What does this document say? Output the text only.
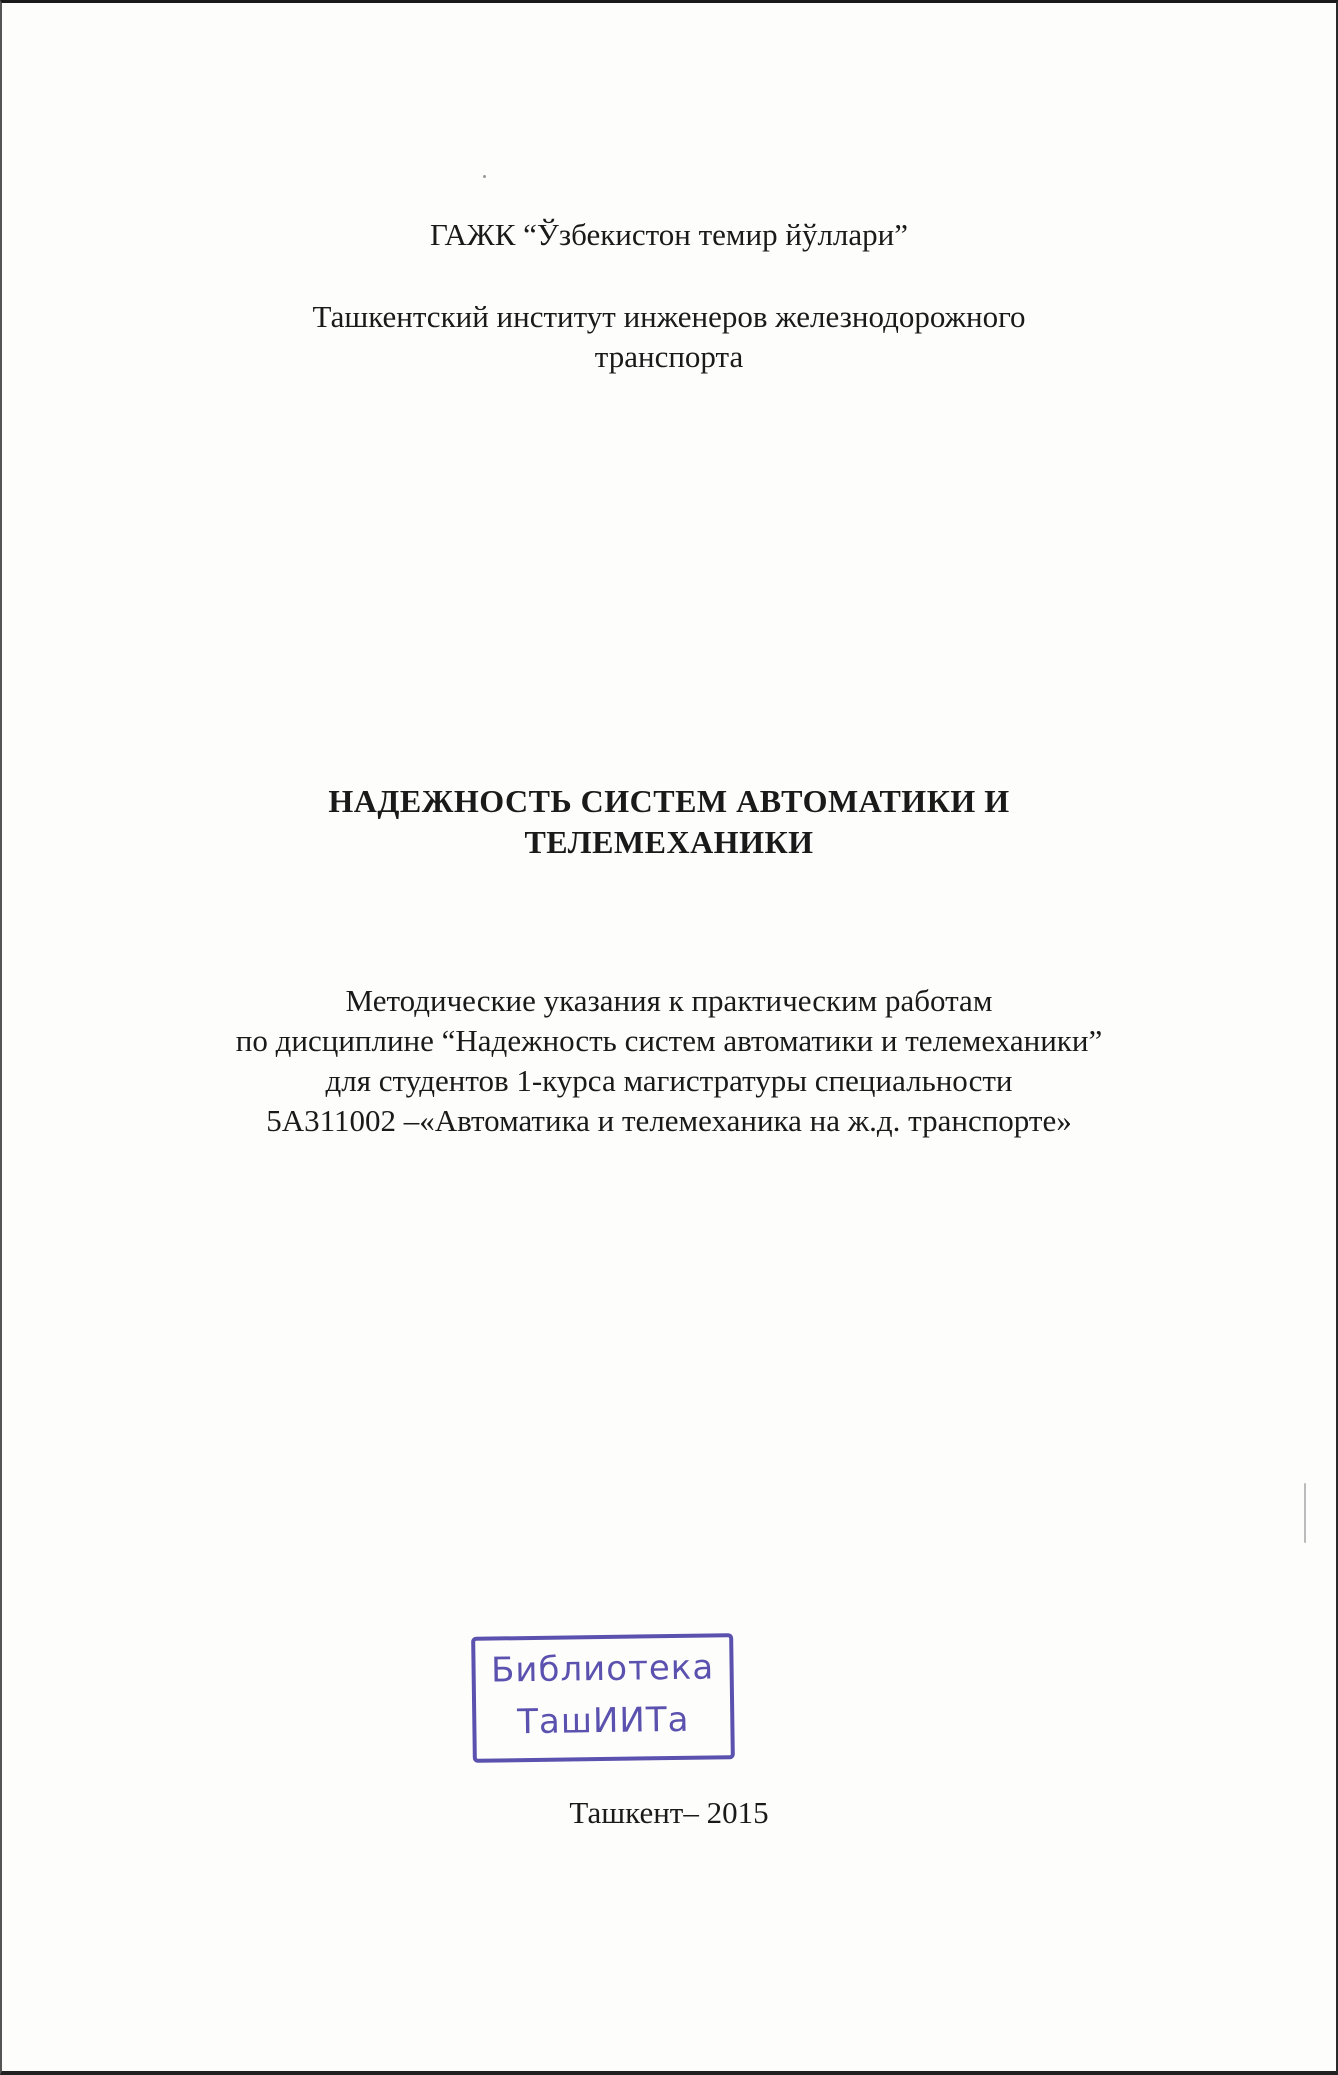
ГАЖК “Ўзбекистон темир йўллари”
Ташкентский институт инженеров железнодорожного
транспорта
НАДЕЖНОСТЬ СИСТЕМ АВТОМАТИКИ И
ТЕЛЕМЕХАНИКИ
Методические указания к практическим работам
по дисциплине “Надежность систем автоматики и телемеханики”
для студентов 1-курса магистратуры специальности
5А311002 –«Автоматика и телемеханика на ж.д. транспорте»
Библиотека
ТашИИТа
Ташкент– 2015
